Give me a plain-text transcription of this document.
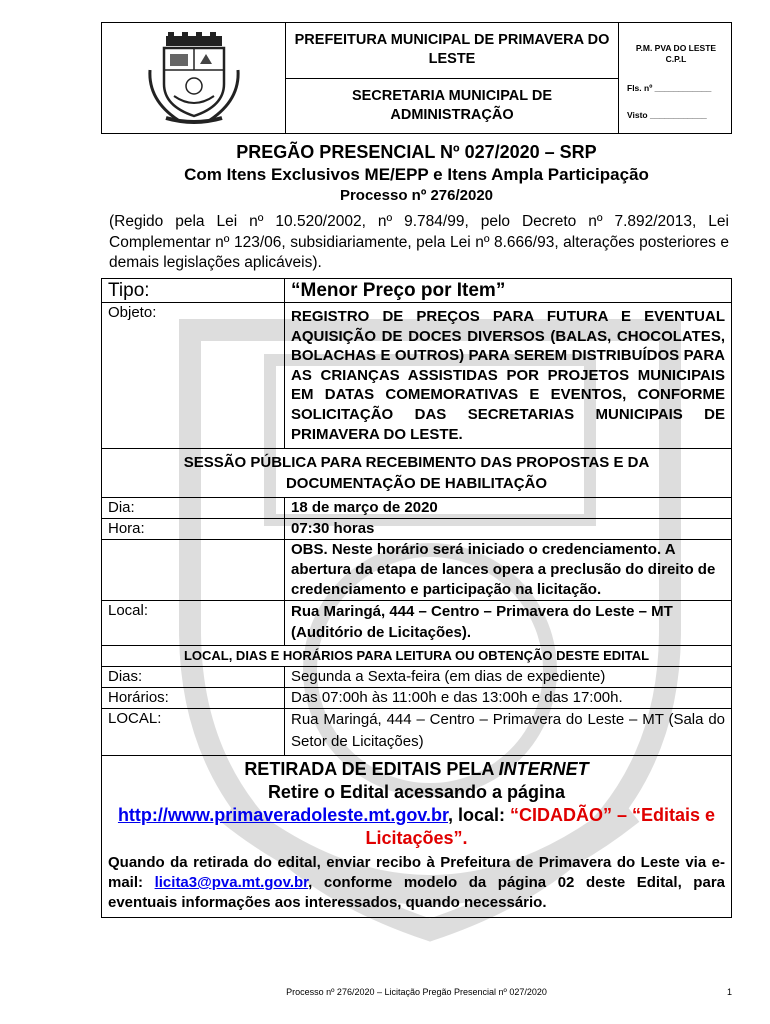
PREFEITURA MUNICIPAL DE PRIMAVERA DO LESTE
SECRETARIA MUNICIPAL DE ADMINISTRAÇÃO
P.M. PVA DO LESTE C.P.L
Fls. nº ____________
Visto ____________
PREGÃO PRESENCIAL Nº 027/2020 – SRP
Com Itens Exclusivos ME/EPP e Itens Ampla Participação
Processo nº 276/2020
(Regido pela Lei nº 10.520/2002, nº 9.784/99, pelo Decreto nº 7.892/2013, Lei Complementar nº 123/06, subsidiariamente, pela Lei nº 8.666/93, alterações posteriores e demais legislações aplicáveis).
Tipo:	“Menor Preço por Item”
Objeto:	REGISTRO DE PREÇOS PARA FUTURA E EVENTUAL AQUISIÇÃO DE DOCES DIVERSOS (BALAS, CHOCOLATES, BOLACHAS E OUTROS) PARA SEREM DISTRIBUÍDOS PARA AS CRIANÇAS ASSISTIDAS POR PROJETOS MUNICIPAIS EM DATAS COMEMORATIVAS E EVENTOS, CONFORME SOLICITAÇÃO DAS SECRETARIAS MUNICIPAIS DE PRIMAVERA DO LESTE.
SESSÃO PÚBLICA PARA RECEBIMENTO DAS PROPOSTAS E DA DOCUMENTAÇÃO DE HABILITAÇÃO	
Dia:	18 de março de 2020
Hora:	07:30 horas
	OBS. Neste horário será iniciado o credenciamento. A abertura da etapa de lances opera a preclusão do direito de credenciamento e participação na licitação.
Local:	Rua Maringá, 444 – Centro – Primavera do Leste – MT (Auditório de Licitações).
LOCAL, DIAS E HORÁRIOS PARA LEITURA OU OBTENÇÃO DESTE EDITAL	
Dias:	Segunda a Sexta-feira (em dias de expediente)
Horários:	Das 07:00h às 11:00h e das 13:00h e das 17:00h.
LOCAL:	Rua Maringá, 444 – Centro – Primavera do Leste – MT (Sala do Setor de Licitações)

RETIRADA DE EDITAIS PELA INTERNET
Retire o Edital acessando a página
http://www.primaveradoleste.mt.gov.br, local: “CIDADÃO” – “Editais e Licitações”.
Quando da retirada do edital, enviar recibo à Prefeitura de Primavera do Leste via e-mail: licita3@pva.mt.gov.br, conforme modelo da página 02 deste Edital, para eventuais informações aos interessados, quando necessário.	
Processo nº 276/2020 – Licitação Pregão Presencial nº 027/2020	1
